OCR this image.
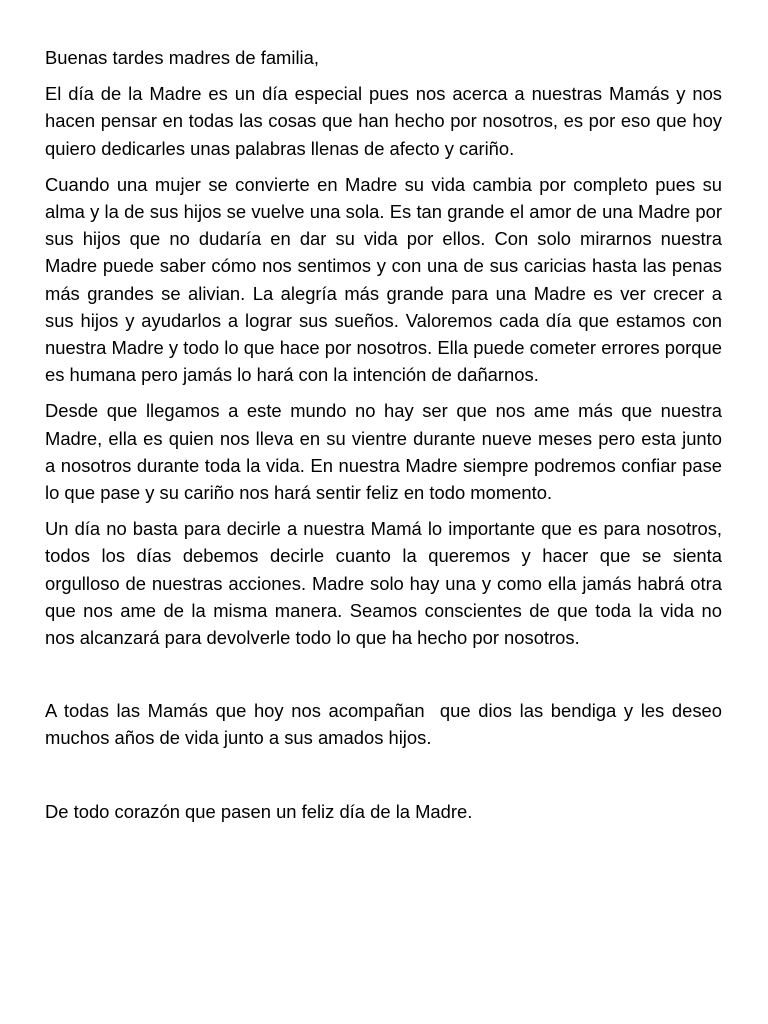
Buenas tardes madres de familia,

El día de la Madre es un día especial pues nos acerca a nuestras Mamás y nos hacen pensar en todas las cosas que han hecho por nosotros, es por eso que hoy quiero dedicarles unas palabras llenas de afecto y cariño.

Cuando una mujer se convierte en Madre su vida cambia por completo pues su alma y la de sus hijos se vuelve una sola. Es tan grande el amor de una Madre por sus hijos que no dudaría en dar su vida por ellos. Con solo mirarnos nuestra Madre puede saber cómo nos sentimos y con una de sus caricias hasta las penas más grandes se alivian. La alegría más grande para una Madre es ver crecer a sus hijos y ayudarlos a lograr sus sueños. Valoremos cada día que estamos con nuestra Madre y todo lo que hace por nosotros. Ella puede cometer errores porque es humana pero jamás lo hará con la intención de dañarnos.

Desde que llegamos a este mundo no hay ser que nos ame más que nuestra Madre, ella es quien nos lleva en su vientre durante nueve meses pero esta junto a nosotros durante toda la vida. En nuestra Madre siempre podremos confiar pase lo que pase y su cariño nos hará sentir feliz en todo momento.

Un día no basta para decirle a nuestra Mamá lo importante que es para nosotros, todos los días debemos decirle cuanto la queremos y hacer que se sienta orgulloso de nuestras acciones. Madre solo hay una y como ella jamás habrá otra que nos ame de la misma manera. Seamos conscientes de que toda la vida no nos alcanzará para devolverle todo lo que ha hecho por nosotros.

A todas las Mamás que hoy nos acompañan  que dios las bendiga y les deseo muchos años de vida junto a sus amados hijos.

De todo corazón que pasen un feliz día de la Madre.
